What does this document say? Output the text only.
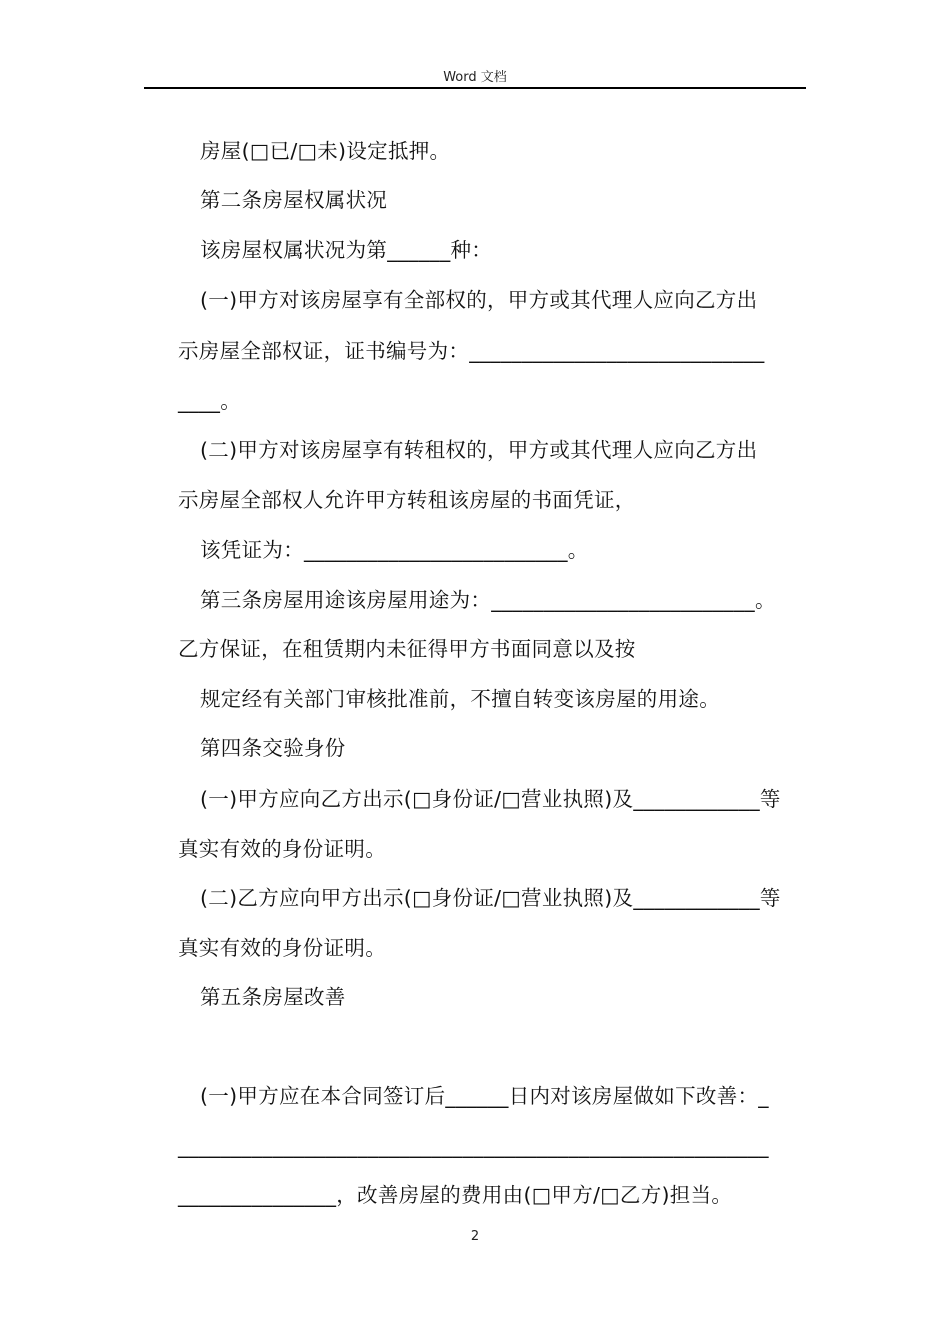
Word 文档
房屋(□已/□未)设定抵押。
第二条房屋权属状况
该房屋权属状况为第______种：
(一)甲方对该房屋享有全部权的，甲方或其代理人应向乙方出
示房屋全部权证，证书编号为：____________________________
____。
(二)甲方对该房屋享有转租权的，甲方或其代理人应向乙方出
示房屋全部权人允许甲方转租该房屋的书面凭证，
该凭证为：_________________________。
第三条房屋用途该房屋用途为：_________________________。
乙方保证，在租赁期内未征得甲方书面同意以及按
规定经有关部门审核批准前，不擅自转变该房屋的用途。
第四条交验身份
(一)甲方应向乙方出示(□身份证/□营业执照)及____________等
真实有效的身份证明。
(二)乙方应向甲方出示(□身份证/□营业执照)及____________等
真实有效的身份证明。
第五条房屋改善
(一)甲方应在本合同签订后______日内对该房屋做如下改善：_
________________________________________________________
_______________，改善房屋的费用由(□甲方/□乙方)担当。
2
